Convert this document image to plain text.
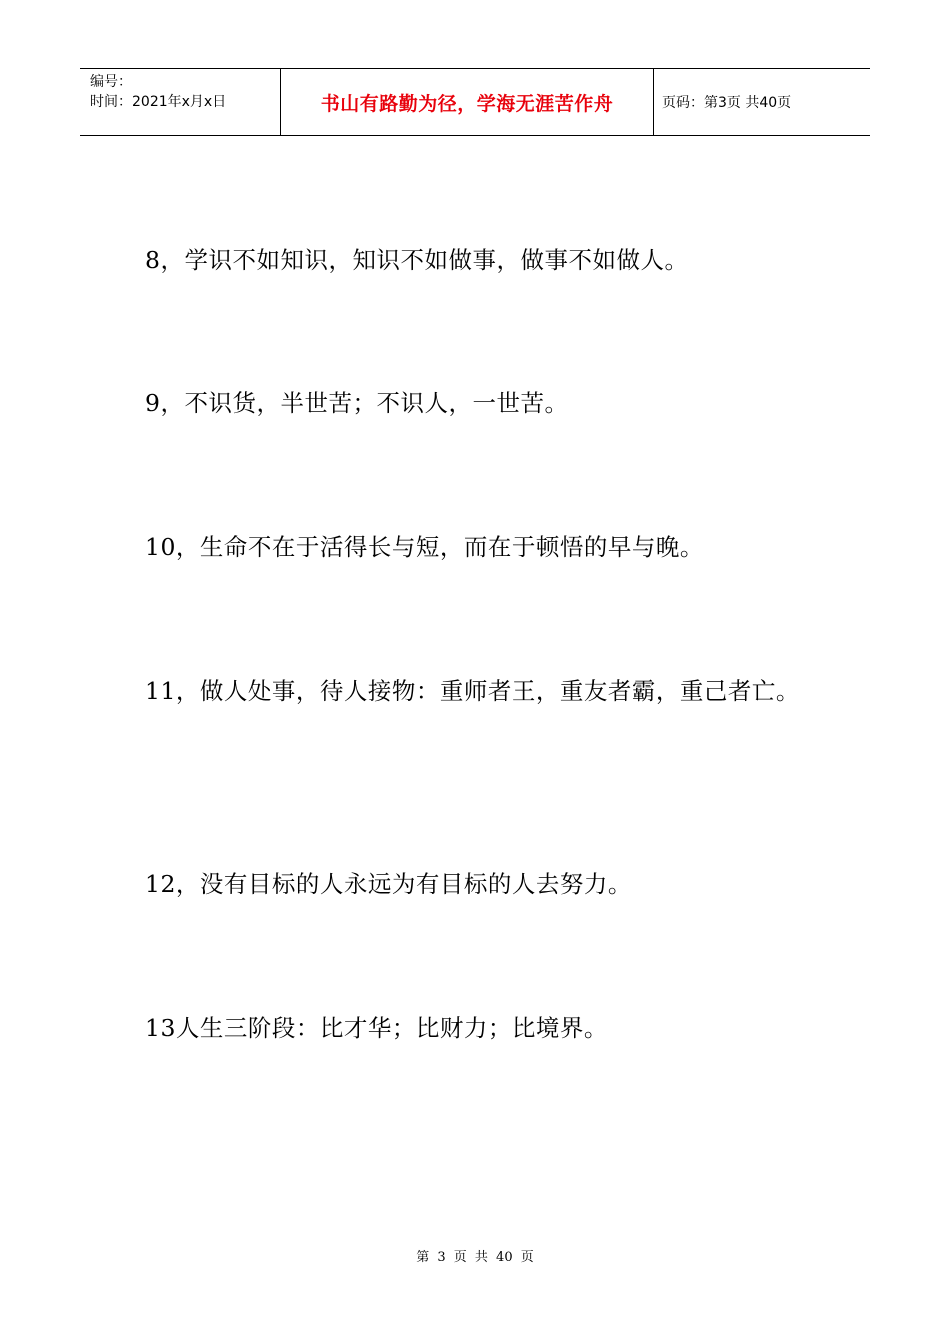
编号：
时间：2021年x月x日	书山有路勤为径，学海无涯苦作舟	页码：第3页 共40页
8，学识不如知识，知识不如做事，做事不如做人。
9，不识货，半世苦；不识人，一世苦。
10，生命不在于活得长与短，而在于顿悟的早与晚。
11，做人处事，待人接物：重师者王，重友者霸，重己者亡。
12，没有目标的人永远为有目标的人去努力。
13人生三阶段：比才华；比财力；比境界。
第 3 页 共 40 页
